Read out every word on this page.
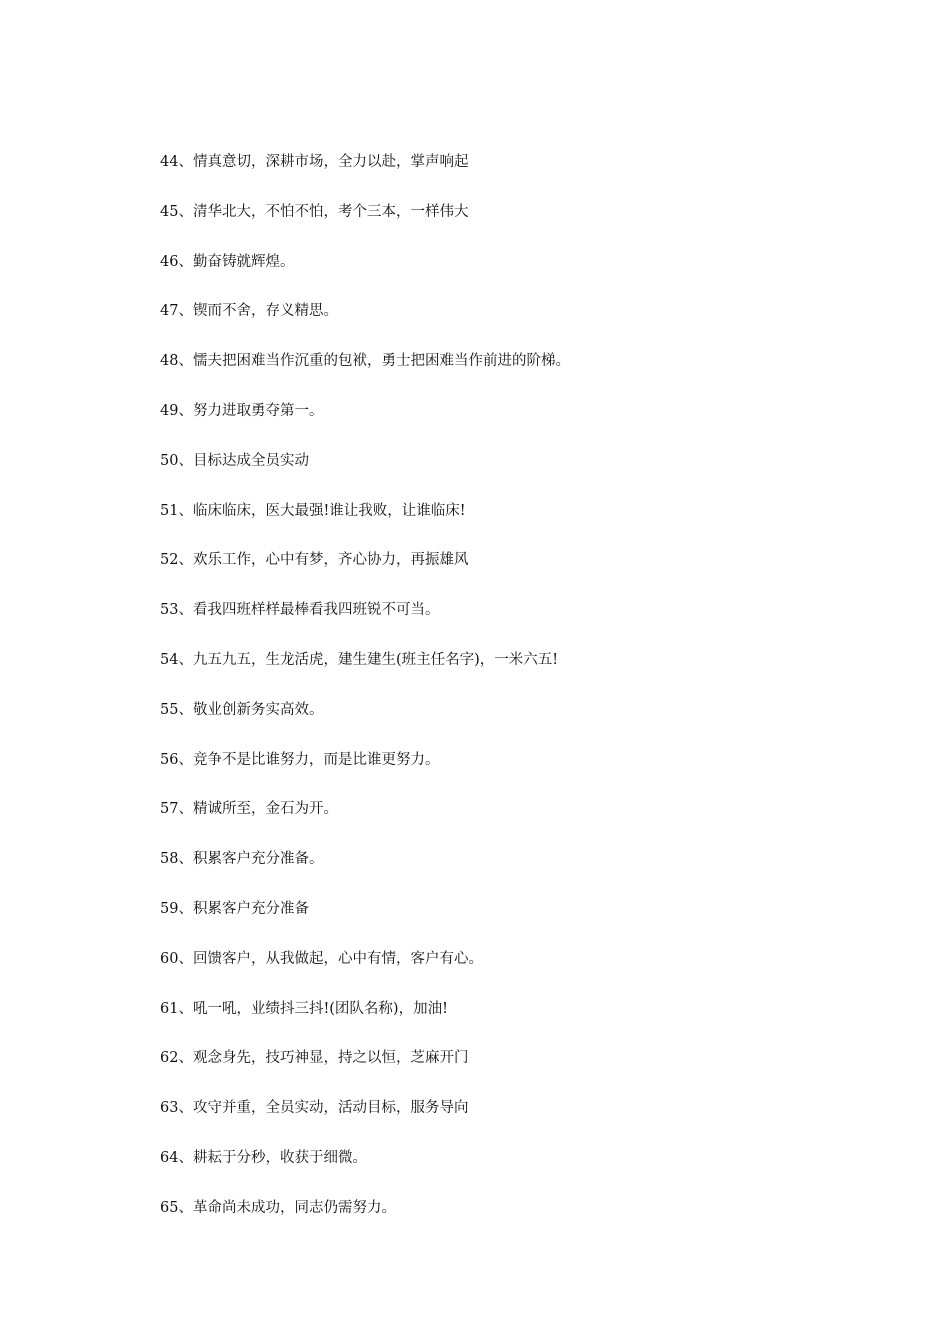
44、情真意切，深耕市场，全力以赴，掌声响起
45、清华北大，不怕不怕，考个三本，一样伟大
46、勤奋铸就辉煌。
47、锲而不舍，存义精思。
48、懦夫把困难当作沉重的包袱，勇士把困难当作前进的阶梯。
49、努力进取勇夺第一。
50、目标达成全员实动
51、临床临床，医大最强!谁让我败，让谁临床!
52、欢乐工作，心中有梦，齐心协力，再振雄风
53、看我四班样样最棒看我四班锐不可当。
54、九五九五，生龙活虎，建生建生(班主任名字)，一米六五!
55、敬业创新务实高效。
56、竞争不是比谁努力，而是比谁更努力。
57、精诚所至，金石为开。
58、积累客户充分准备。
59、积累客户充分准备
60、回馈客户，从我做起，心中有情，客户有心。
61、吼一吼，业绩抖三抖!(团队名称)，加油!
62、观念身先，技巧神显，持之以恒，芝麻开门
63、攻守并重，全员实动，活动目标，服务导向
64、耕耘于分秒，收获于细微。
65、革命尚未成功，同志仍需努力。
